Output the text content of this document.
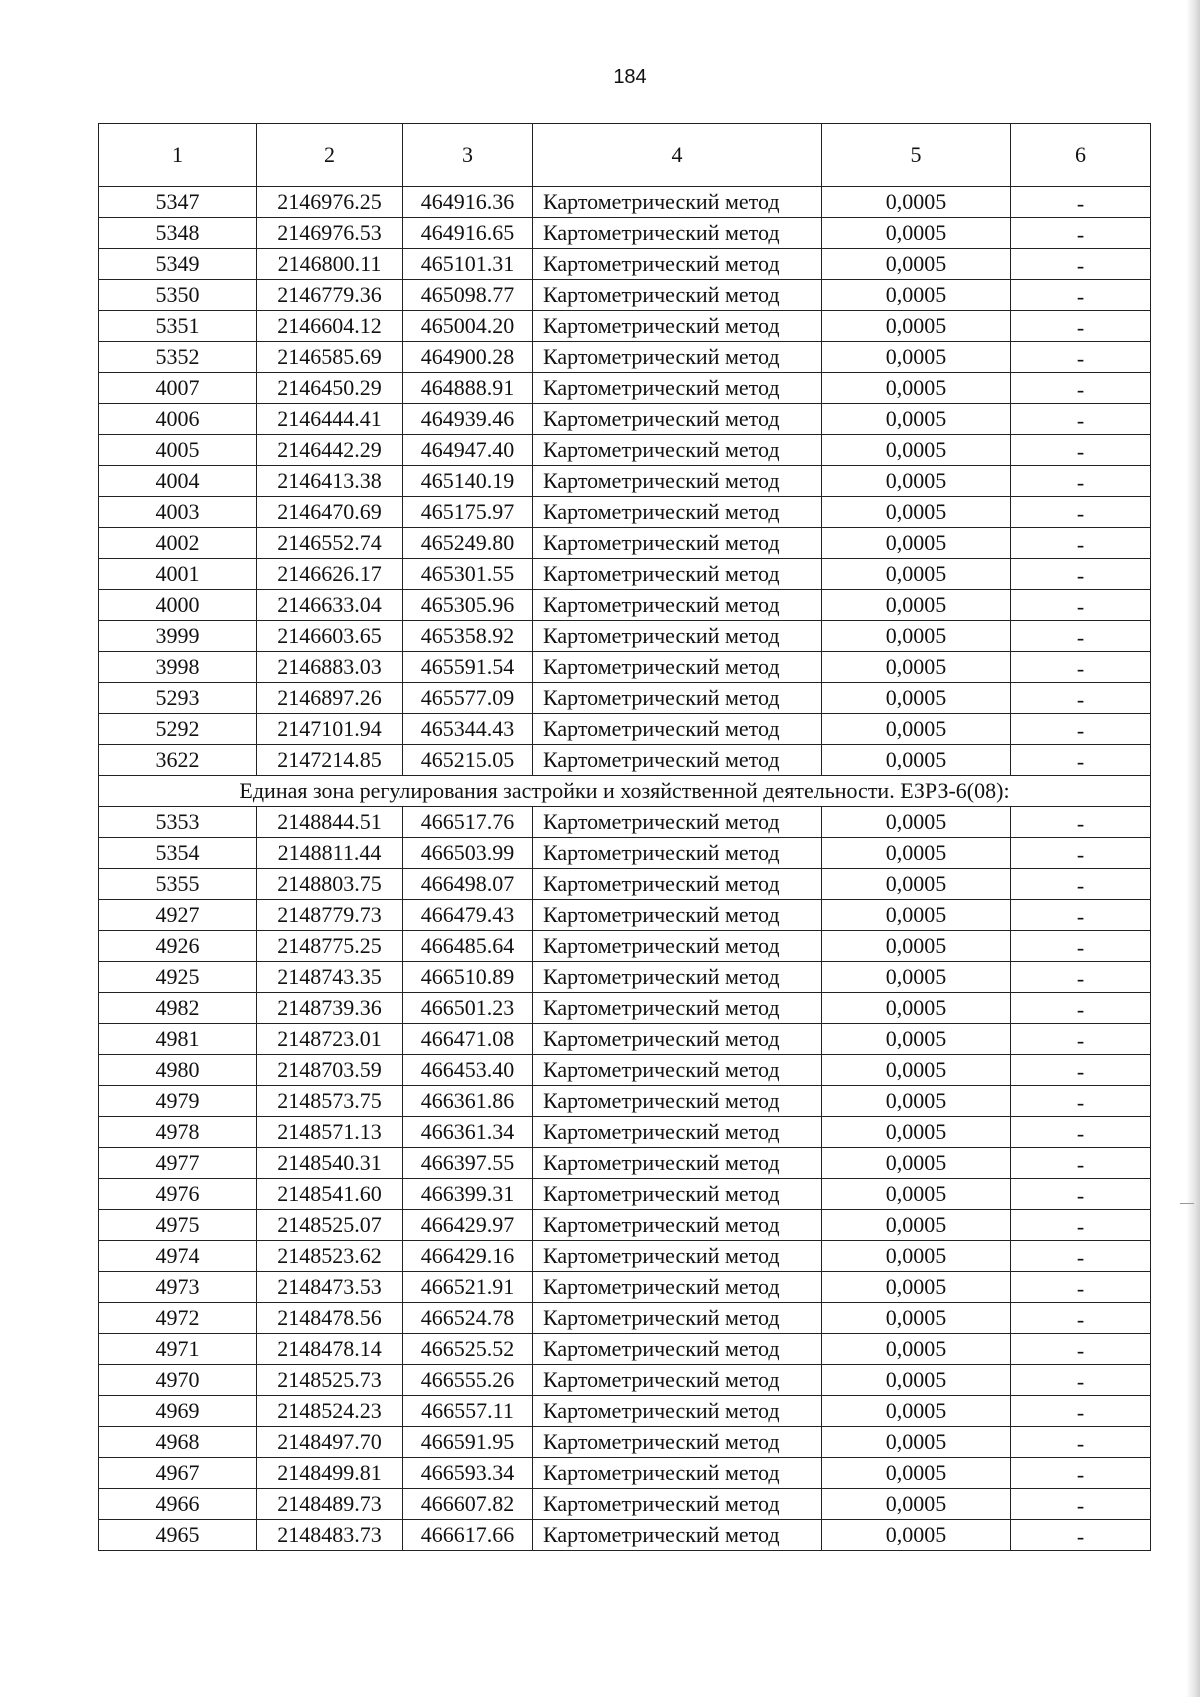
184
1	2	3	4	5	6
5347	2146976.25	464916.36	Картометрический метод	0,0005	-
5348	2146976.53	464916.65	Картометрический метод	0,0005	-
5349	2146800.11	465101.31	Картометрический метод	0,0005	-
5350	2146779.36	465098.77	Картометрический метод	0,0005	-
5351	2146604.12	465004.20	Картометрический метод	0,0005	-
5352	2146585.69	464900.28	Картометрический метод	0,0005	-
4007	2146450.29	464888.91	Картометрический метод	0,0005	-
4006	2146444.41	464939.46	Картометрический метод	0,0005	-
4005	2146442.29	464947.40	Картометрический метод	0,0005	-
4004	2146413.38	465140.19	Картометрический метод	0,0005	-
4003	2146470.69	465175.97	Картометрический метод	0,0005	-
4002	2146552.74	465249.80	Картометрический метод	0,0005	-
4001	2146626.17	465301.55	Картометрический метод	0,0005	-
4000	2146633.04	465305.96	Картометрический метод	0,0005	-
3999	2146603.65	465358.92	Картометрический метод	0,0005	-
3998	2146883.03	465591.54	Картометрический метод	0,0005	-
5293	2146897.26	465577.09	Картометрический метод	0,0005	-
5292	2147101.94	465344.43	Картометрический метод	0,0005	-
3622	2147214.85	465215.05	Картометрический метод	0,0005	-
Единая зона регулирования застройки и хозяйственной деятельности. ЕЗРЗ-6(08):					
5353	2148844.51	466517.76	Картометрический метод	0,0005	-
5354	2148811.44	466503.99	Картометрический метод	0,0005	-
5355	2148803.75	466498.07	Картометрический метод	0,0005	-
4927	2148779.73	466479.43	Картометрический метод	0,0005	-
4926	2148775.25	466485.64	Картометрический метод	0,0005	-
4925	2148743.35	466510.89	Картометрический метод	0,0005	-
4982	2148739.36	466501.23	Картометрический метод	0,0005	-
4981	2148723.01	466471.08	Картометрический метод	0,0005	-
4980	2148703.59	466453.40	Картометрический метод	0,0005	-
4979	2148573.75	466361.86	Картометрический метод	0,0005	-
4978	2148571.13	466361.34	Картометрический метод	0,0005	-
4977	2148540.31	466397.55	Картометрический метод	0,0005	-
4976	2148541.60	466399.31	Картометрический метод	0,0005	-
4975	2148525.07	466429.97	Картометрический метод	0,0005	-
4974	2148523.62	466429.16	Картометрический метод	0,0005	-
4973	2148473.53	466521.91	Картометрический метод	0,0005	-
4972	2148478.56	466524.78	Картометрический метод	0,0005	-
4971	2148478.14	466525.52	Картометрический метод	0,0005	-
4970	2148525.73	466555.26	Картометрический метод	0,0005	-
4969	2148524.23	466557.11	Картометрический метод	0,0005	-
4968	2148497.70	466591.95	Картометрический метод	0,0005	-
4967	2148499.81	466593.34	Картометрический метод	0,0005	-
4966	2148489.73	466607.82	Картометрический метод	0,0005	-
4965	2148483.73	466617.66	Картометрический метод	0,0005	-
